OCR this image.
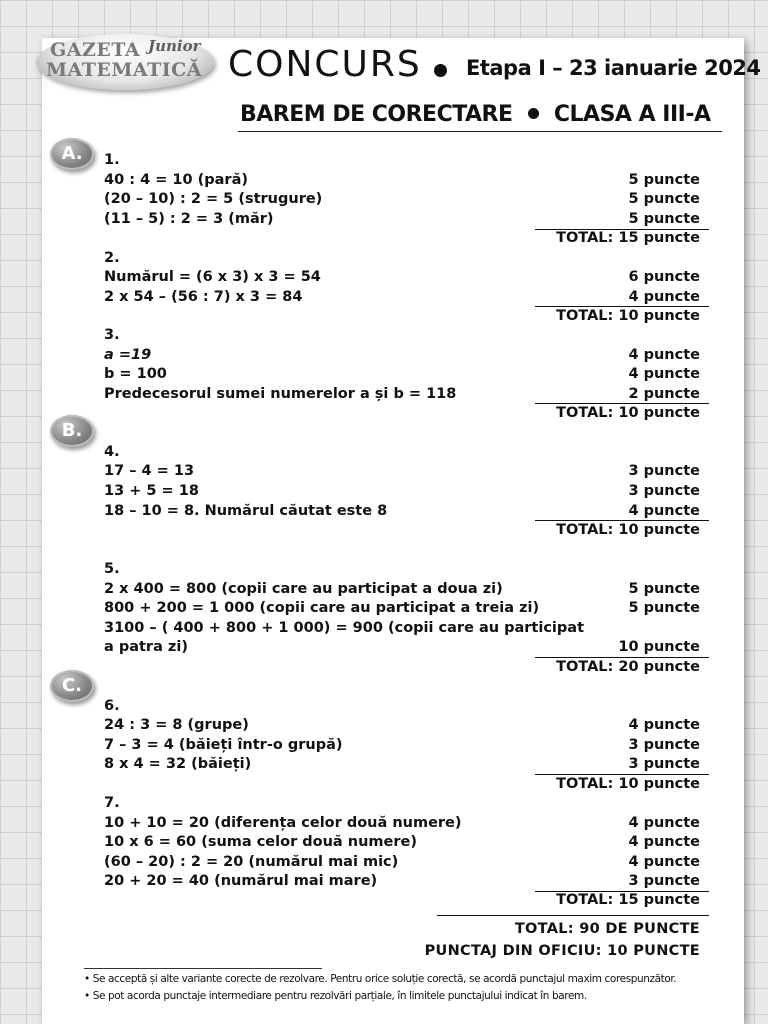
GAZETA Junior
MATEMATICĂ CONCURS Etapa I – 23 ianuarie 2024
BAREM DE CORECTARE CLASA A III-A
A.
B.
C.
1.
40 : 4 = 10 (pară)	5 puncte
(20 – 10) : 2 = 5 (strugure)	5 puncte
(11 – 5) : 2 = 3 (măr)	5 puncte
TOTAL: 15 puncte
2.
Numărul = (6 x 3) x 3 = 54	6 puncte
2 x 54 – (56 : 7) x 3 = 84	4 puncte
TOTAL: 10 puncte
3.
a =19	4 puncte
b = 100	4 puncte
Predecesorul sumei numerelor a și b = 118	2 puncte
TOTAL: 10 puncte
4.
17 – 4 = 13	3 puncte
13 + 5 = 18	3 puncte
18 – 10 = 8. Numărul căutat este 8	4 puncte
TOTAL: 10 puncte
5.
2 x 400 = 800 (copii care au participat a doua zi)	5 puncte
800 + 200 = 1 000 (copii care au participat a treia zi)	5 puncte
3100 – ( 400 + 800 + 1 000) = 900 (copii care au participat
a patra zi)	10 puncte
TOTAL: 20 puncte
6.
24 : 3 = 8 (grupe)	4 puncte
7 – 3 = 4 (băieți într-o grupă)	3 puncte
8 x 4 = 32 (băieți)	3 puncte
TOTAL: 10 puncte
7.
10 + 10 = 20 (diferența celor două numere)	4 puncte
10 x 6 = 60 (suma celor două numere)	4 puncte
(60 – 20) : 2 = 20 (numărul mai mic)	4 puncte
20 + 20 = 40 (numărul mai mare)	3 puncte
TOTAL: 15 puncte
TOTAL: 90 DE PUNCTE
PUNCTAJ DIN OFICIU: 10 PUNCTE
• Se acceptă și alte variante corecte de rezolvare. Pentru orice soluție corectă, se acordă punctajul maxim corespunzător.
• Se pot acorda punctaje intermediare pentru rezolvări parțiale, în limitele punctajului indicat în barem.
